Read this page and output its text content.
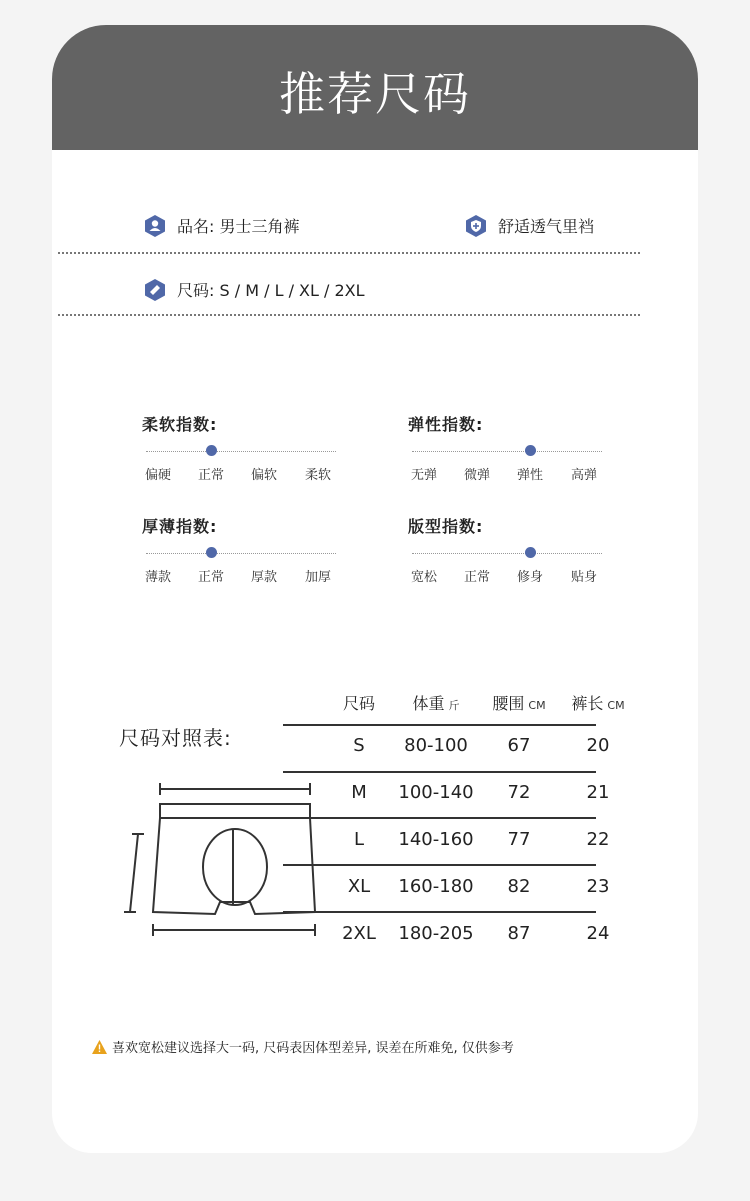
推荐尺码
品名: 男士三角裤	舒适透气里裆
尺码: S / M / L / XL / 2XL
柔软指数:
偏硬	正常	偏软	柔软
弹性指数:
无弹	微弹	弹性	高弹
厚薄指数:
薄款	正常	厚款	加厚
版型指数:
宽松	正常	修身	贴身
尺码对照表:
尺码 体重 斤 腰围 CM 裤长 CM
S 80-100 67	20
M 100-140 72	21
L 140-160 77	22
XL 160-180 82	23
2XL 180-205 87	24
喜欢宽松建议选择大一码, 尺码表因体型差异, 误差在所难免, 仅供参考
